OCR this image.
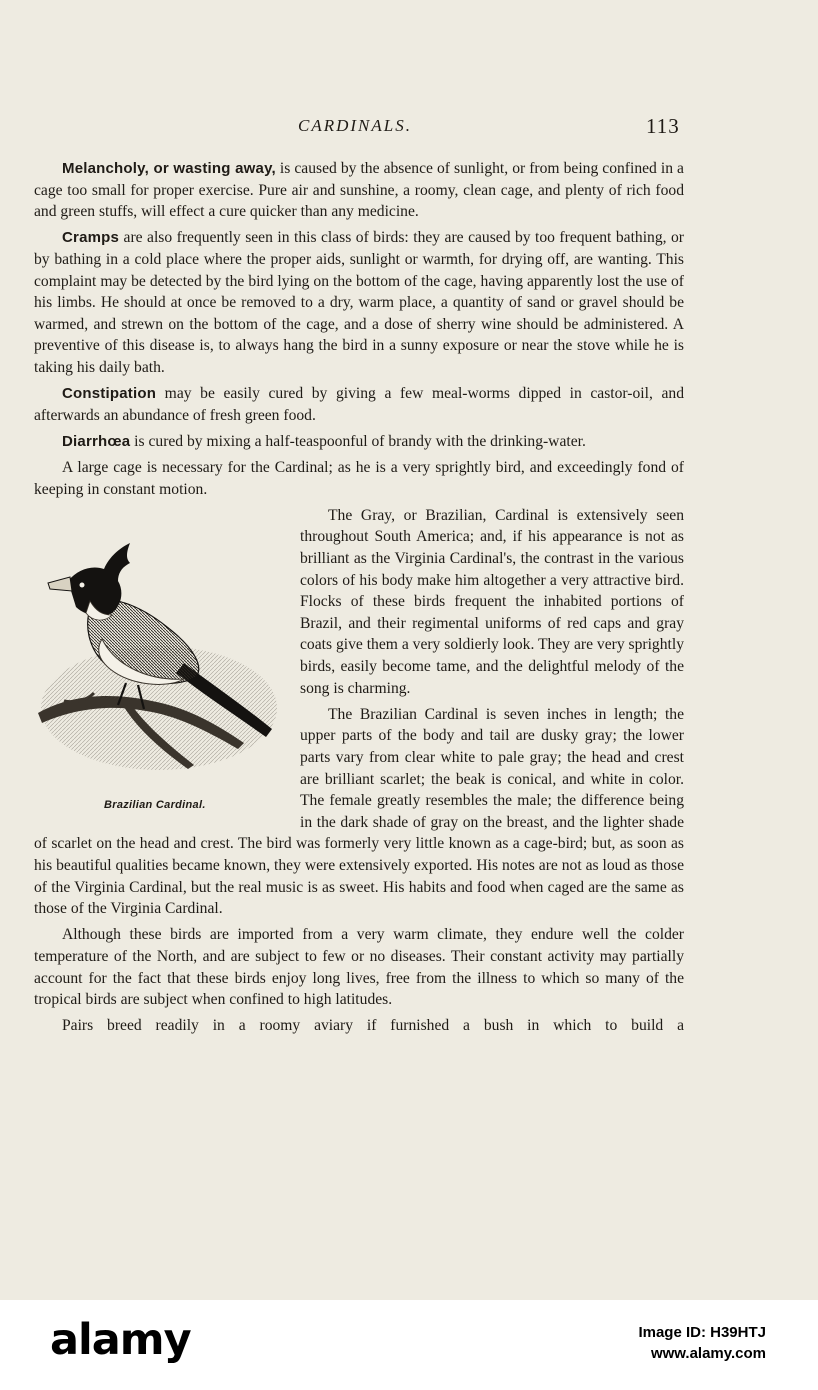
CARDINALS.	113

Melancholy, or wasting away, is caused by the absence of sunlight, or from being confined in a cage too small for proper exercise. Pure air and sunshine, a roomy, clean cage, and plenty of rich food and green stuffs, will effect a cure quicker than any medicine.

Cramps are also frequently seen in this class of birds: they are caused by too frequent bathing, or by bathing in a cold place where the proper aids, sunlight or warmth, for drying off, are wanting. This complaint may be detected by the bird lying on the bottom of the cage, having apparently lost the use of his limbs. He should at once be removed to a dry, warm place, a quantity of sand or gravel should be warmed, and strewn on the bottom of the cage, and a dose of sherry wine should be administered. A preventive of this disease is, to always hang the bird in a sunny exposure or near the stove while he is taking his daily bath.

Constipation may be easily cured by giving a few meal-worms dipped in castor-oil, and afterwards an abundance of fresh green food.

Diarrhœa is cured by mixing a half-teaspoonful of brandy with the drinking-water.

A large cage is necessary for the Cardinal; as he is a very sprightly bird, and exceedingly fond of keeping in constant motion.

Brazilian Cardinal.

The Gray, or Brazilian, Cardinal is extensively seen throughout South America; and, if his appearance is not as brilliant as the Virginia Cardinal's, the contrast in the various colors of his body make him altogether a very attractive bird. Flocks of these birds frequent the inhabited portions of Brazil, and their regimental uniforms of red caps and gray coats give them a very soldierly look. They are very sprightly birds, easily become tame, and the delightful melody of the song is charming.

The Brazilian Cardinal is seven inches in length; the upper parts of the body and tail are dusky gray; the lower parts vary from clear white to pale gray; the head and crest are brilliant scarlet; the beak is conical, and white in color. The female greatly resembles the male; the difference being in the dark shade of gray on the breast, and the lighter shade of scarlet on the head and crest. The bird was formerly very little known as a cage-bird; but, as soon as his beautiful qualities became known, they were extensively exported. His notes are not as loud as those of the Virginia Cardinal, but the real music is as sweet. His habits and food when caged are the same as those of the Virginia Cardinal.

Although these birds are imported from a very warm climate, they endure well the colder temperature of the North, and are subject to few or no diseases. Their constant activity may partially account for the fact that these birds enjoy long lives, free from the illness to which so many of the tropical birds are subject when confined to high latitudes.

Pairs breed readily in a roomy aviary if furnished a bush in which to build a

alamy	Image ID: H39HTJ
www.alamy.com
